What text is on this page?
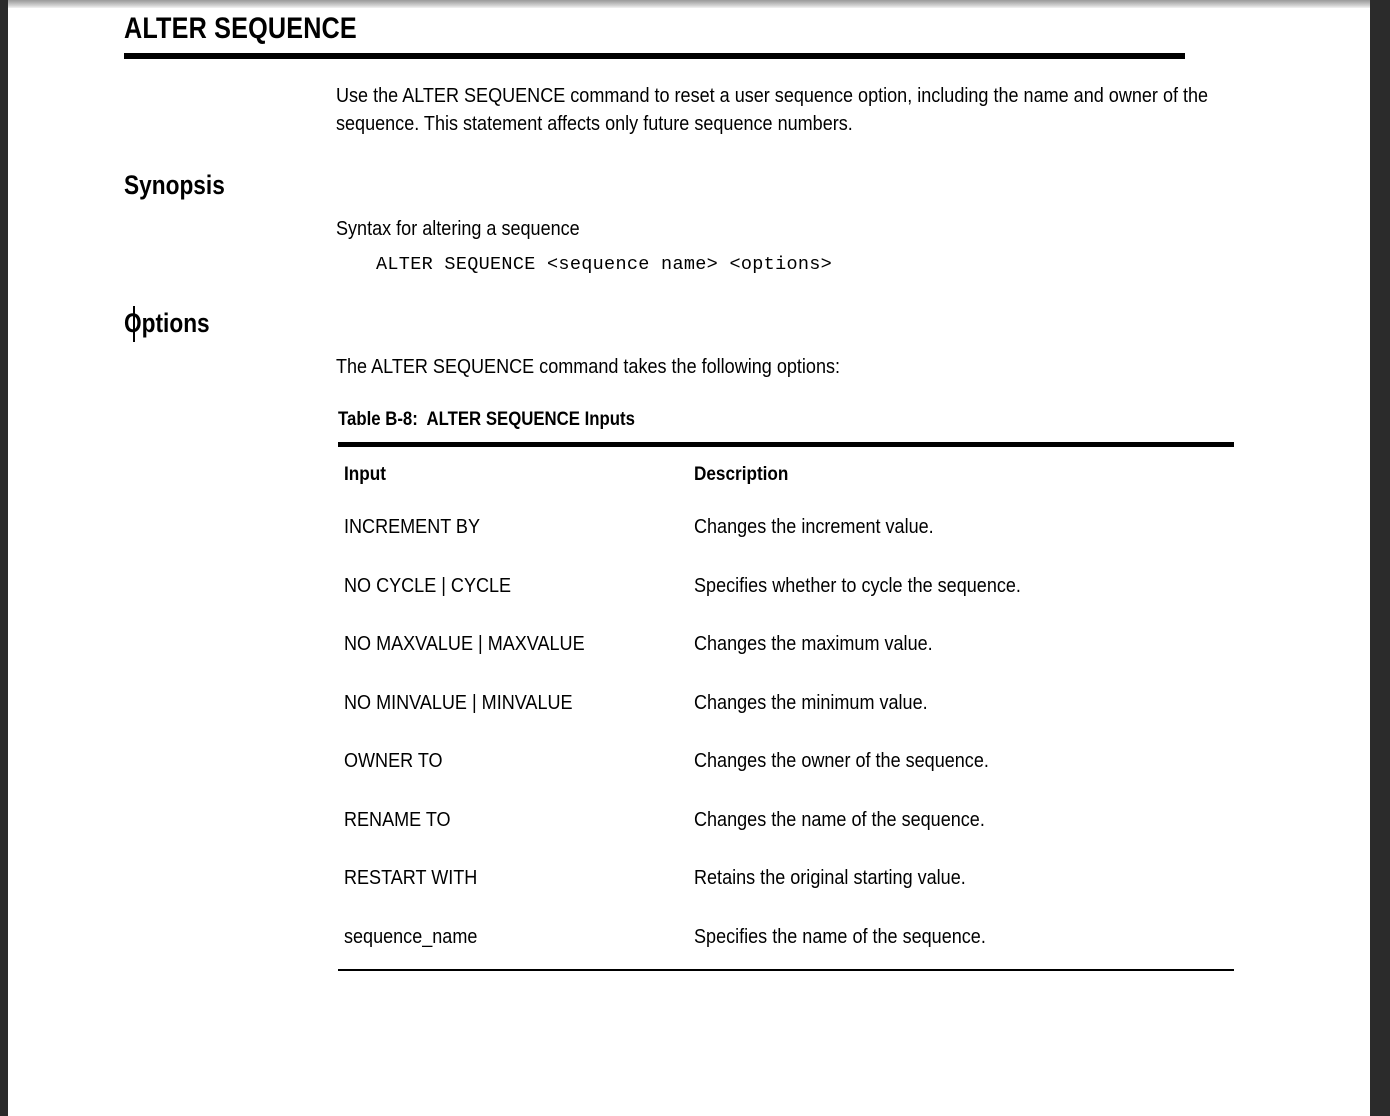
ALTER SEQUENCE
Use the ALTER SEQUENCE command to reset a user sequence option, including the name and owner of the sequence. This statement affects only future sequence numbers.
Synopsis
Syntax for altering a sequence
ALTER SEQUENCE <sequence name> <options>
Options
The ALTER SEQUENCE command takes the following options:
Table B-8:  ALTER SEQUENCE Inputs
Input	Description
INCREMENT BY	Changes the increment value.
NO CYCLE | CYCLE	Specifies whether to cycle the sequence.
NO MAXVALUE | MAXVALUE	Changes the maximum value.
NO MINVALUE | MINVALUE	Changes the minimum value.
OWNER TO	Changes the owner of the sequence.
RENAME TO	Changes the name of the sequence.
RESTART WITH	Retains the original starting value.
sequence_name	Specifies the name of the sequence.
